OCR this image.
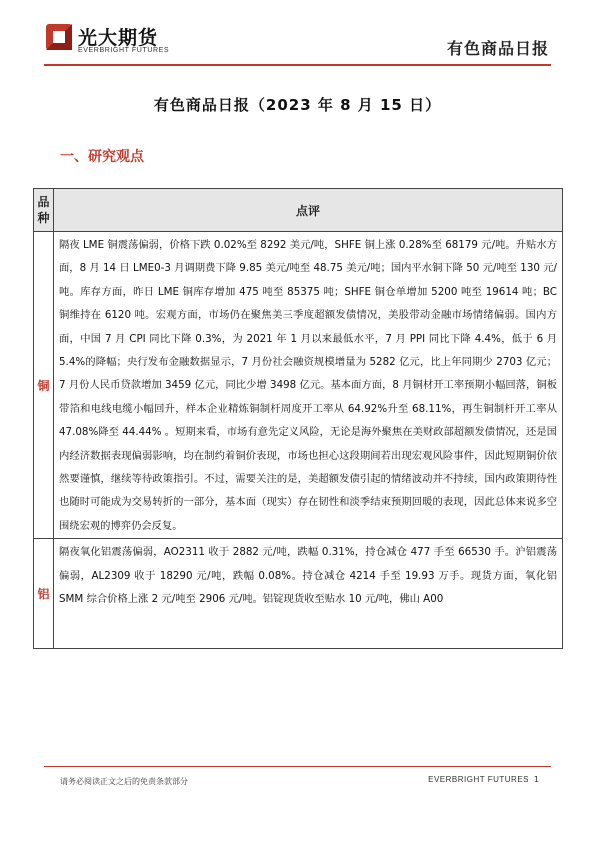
光大期货
EVERBRIGHT FUTURES	有色商品日报
有色商品日报（2023 年 8 月 15 日）
一、研究观点
品
种	点评
铜	隔夜 LME 铜震荡偏弱，价格下跌 0.02%至 8292 美元/吨，SHFE 铜上涨 0.28%至 68179 元/吨。升贴水方面，8 月 14 日 LME0-3 月调期费下降 9.85 美元/吨至 48.75 美元/吨；国内平水铜下降 50 元/吨至 130 元/吨。库存方面，昨日 LME 铜库存增加 475 吨至 85375 吨；SHFE 铜仓单增加 5200 吨至 19614 吨；BC 铜维持在 6120 吨。宏观方面，市场仍在聚焦美三季度超额发债情况，美股带动金融市场情绪偏弱。国内方面，中国 7 月 CPI 同比下降 0.3%，为 2021 年 1 月以来最低水平，7 月 PPI 同比下降 4.4%，低于 6 月 5.4%的降幅；央行发布金融数据显示，7 月份社会融资规模增量为 5282 亿元，比上年同期少 2703 亿元；7 月份人民币贷款增加 3459 亿元，同比少增 3498 亿元。基本面方面，8 月铜材开工率预期小幅回落，铜板带箔和电线电缆小幅回升，样本企业精炼铜制杆周度开工率从 64.92%升至 68.11%，再生铜制杆开工率从 47.08%降至 44.44% 。短期来看，市场有意先定义风险，无论是海外聚焦在美财政部超额发债情况，还是国内经济数据表现偏弱影响，均在制约着铜价表现，市场也担心这段期间若出现宏观风险事件，因此短期铜价依然要谨慎，继续等待政策指引。不过，需要关注的是，美超额发债引起的情绪波动并不持续，国内政策期待性也随时可能成为交易转折的一部分，基本面（现实）存在韧性和淡季结束预期回暖的表现，因此总体来说多空围绕宏观的博弈仍会反复。
铝	隔夜氧化铝震荡偏弱，AO2311 收于 2882 元/吨，跌幅 0.31%，持仓减仓 477 手至 66530 手。沪铝震荡偏弱，AL2309 收于 18290 元/吨，跌幅 0.08%。持仓减仓 4214 手至 19.93 万手。现货方面，氧化铝 SMM 综合价格上涨 2 元/吨至 2906 元/吨。铝锭现货收至贴水 10 元/吨，佛山 A00
请务必阅读正文之后的免责条款部分	EVERBRIGHT FUTURES 1
